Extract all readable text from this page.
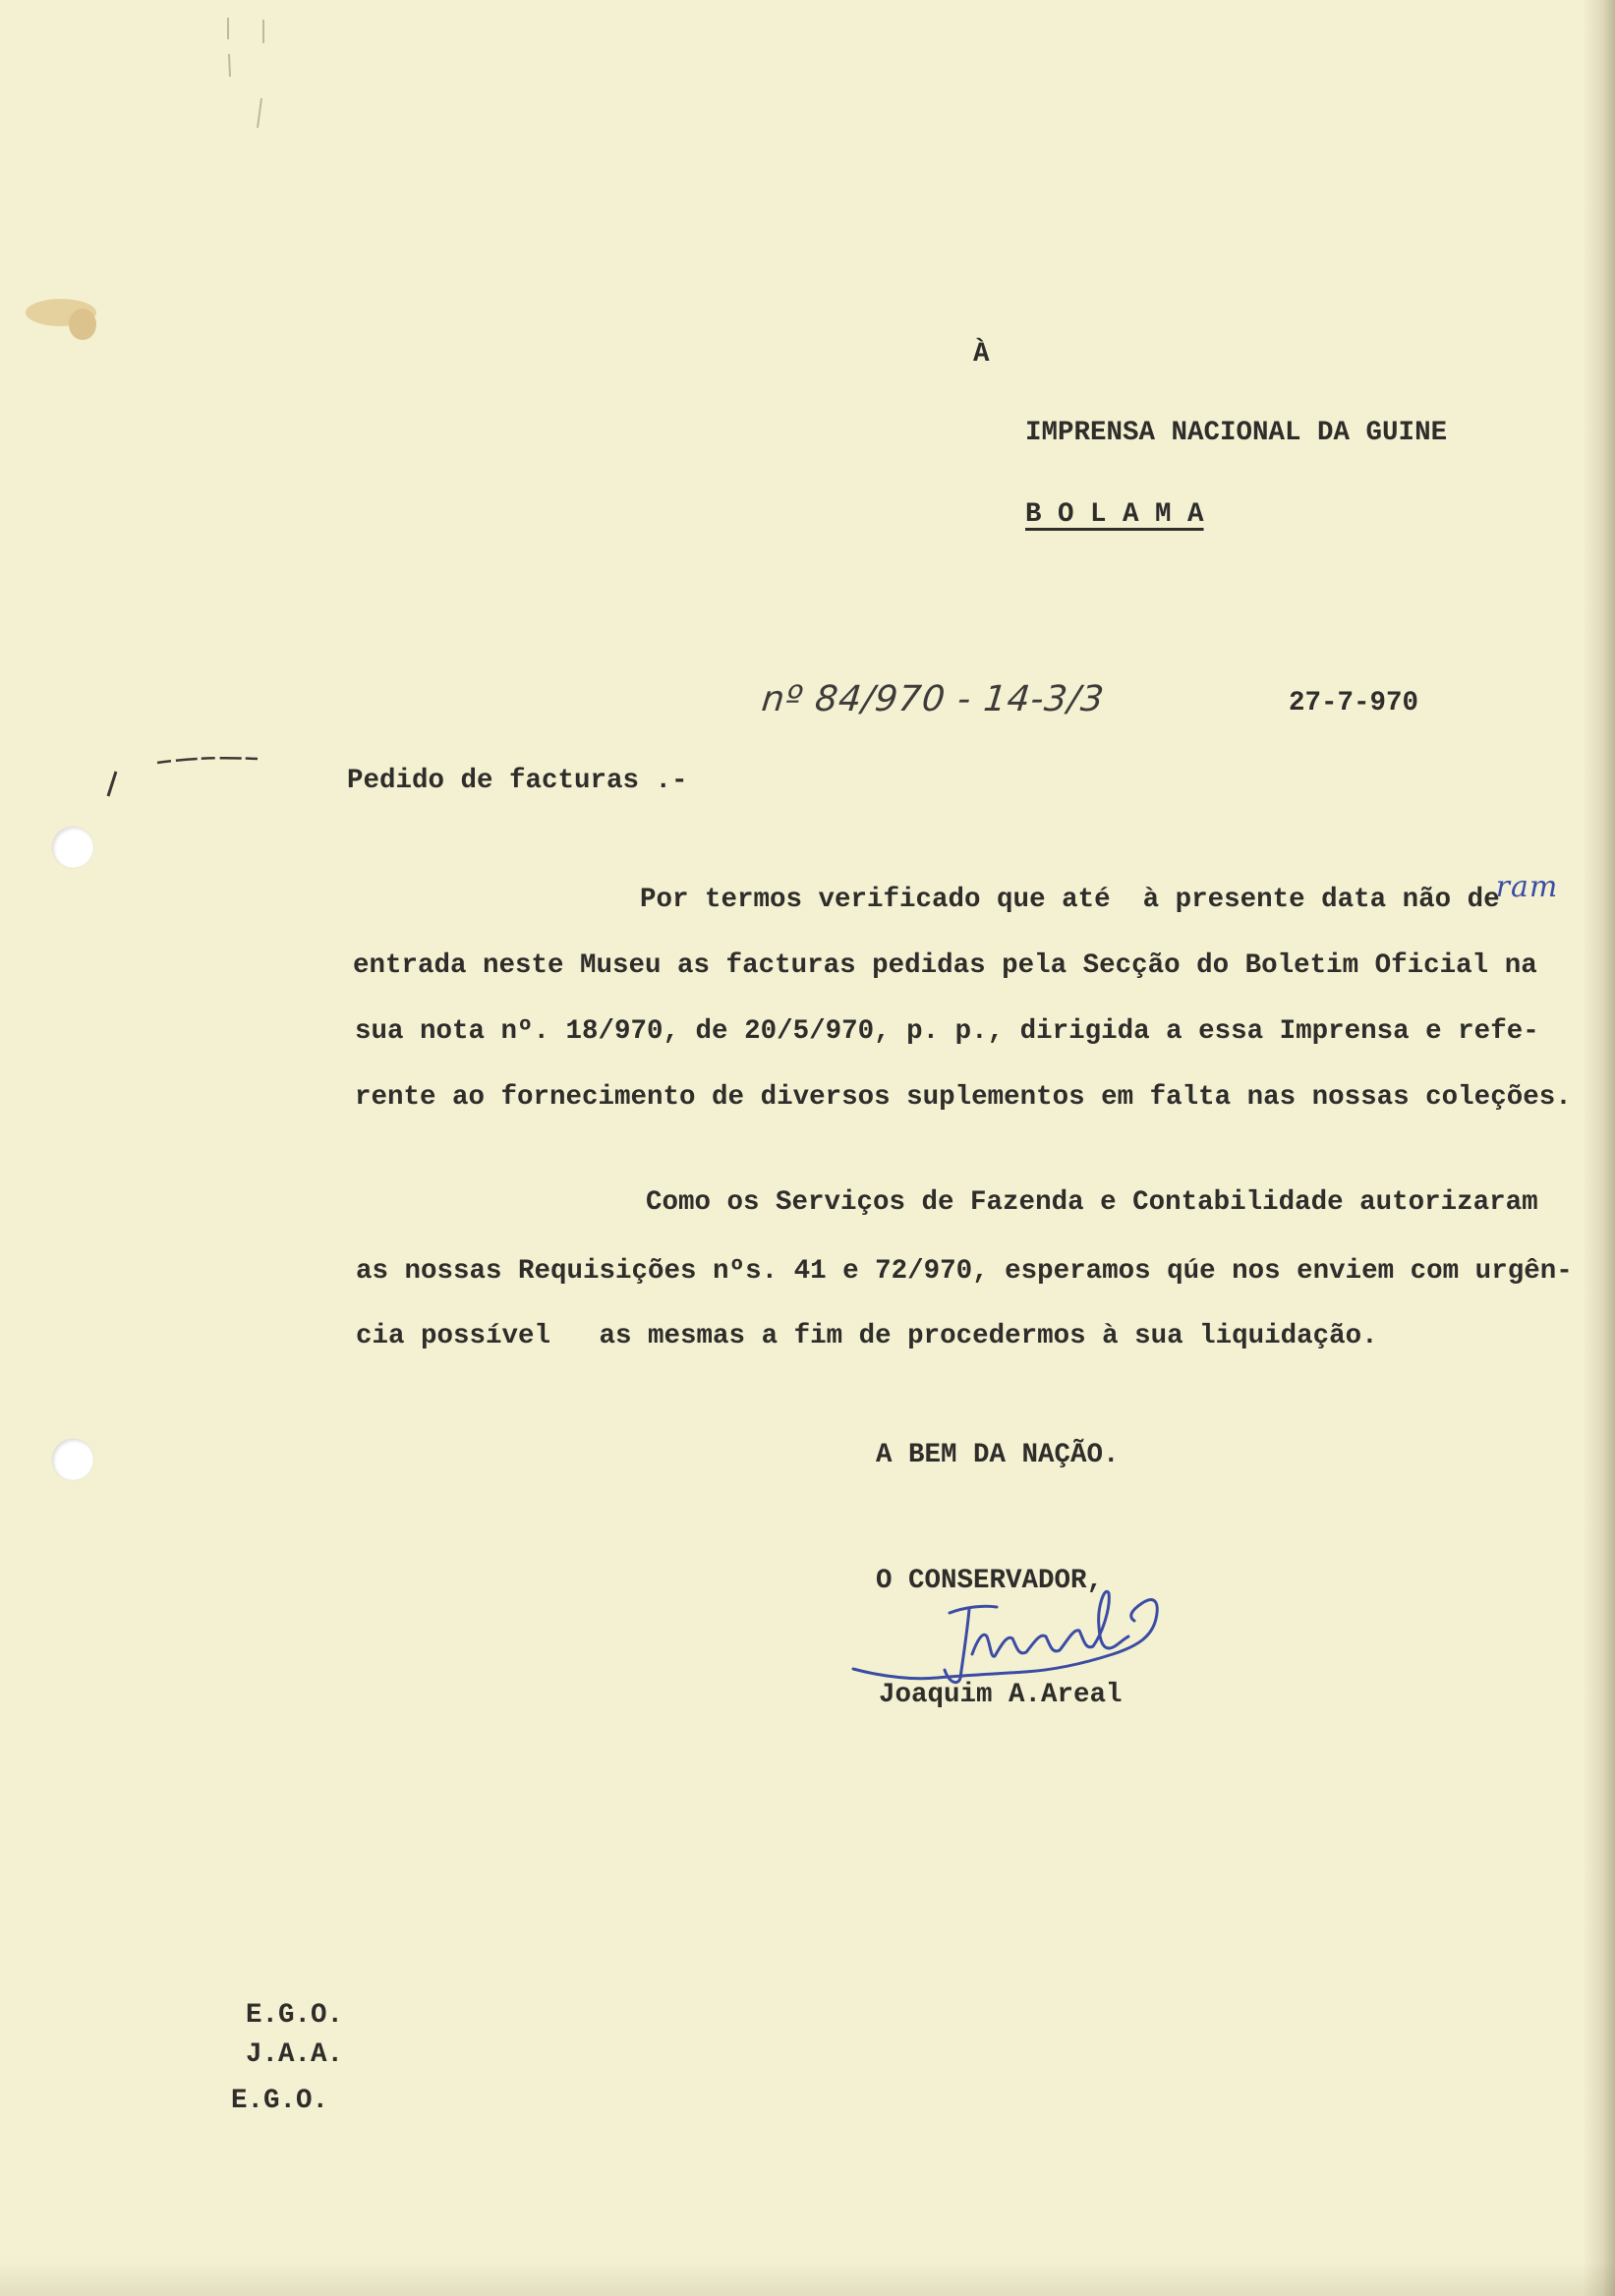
À
IMPRENSA NACIONAL DA GUINE
B O L A M A
nº 84/970 - 14-3/3	27-7-970
Pedido de facturas .-
Por termos verificado que até  à presente data não deram
entrada neste Museu as facturas pedidas pela Secção do Boletim Oficial na
sua nota nº. 18/970, de 20/5/970, p. p., dirigida a essa Imprensa e refe-
rente ao fornecimento de diversos suplementos em falta nas nossas coleções.
Como os Serviços de Fazenda e Contabilidade autorizaram
as nossas Requisições nºs. 41 e 72/970, esperamos qúe nos enviem com urgên-
cia possível   as mesmas a fim de procedermos à sua liquidação.
A BEM DA NAÇÃO.
O CONSERVADOR,
Joaquim A.Areal
E.G.O.
J.A.A.
E.G.O.
